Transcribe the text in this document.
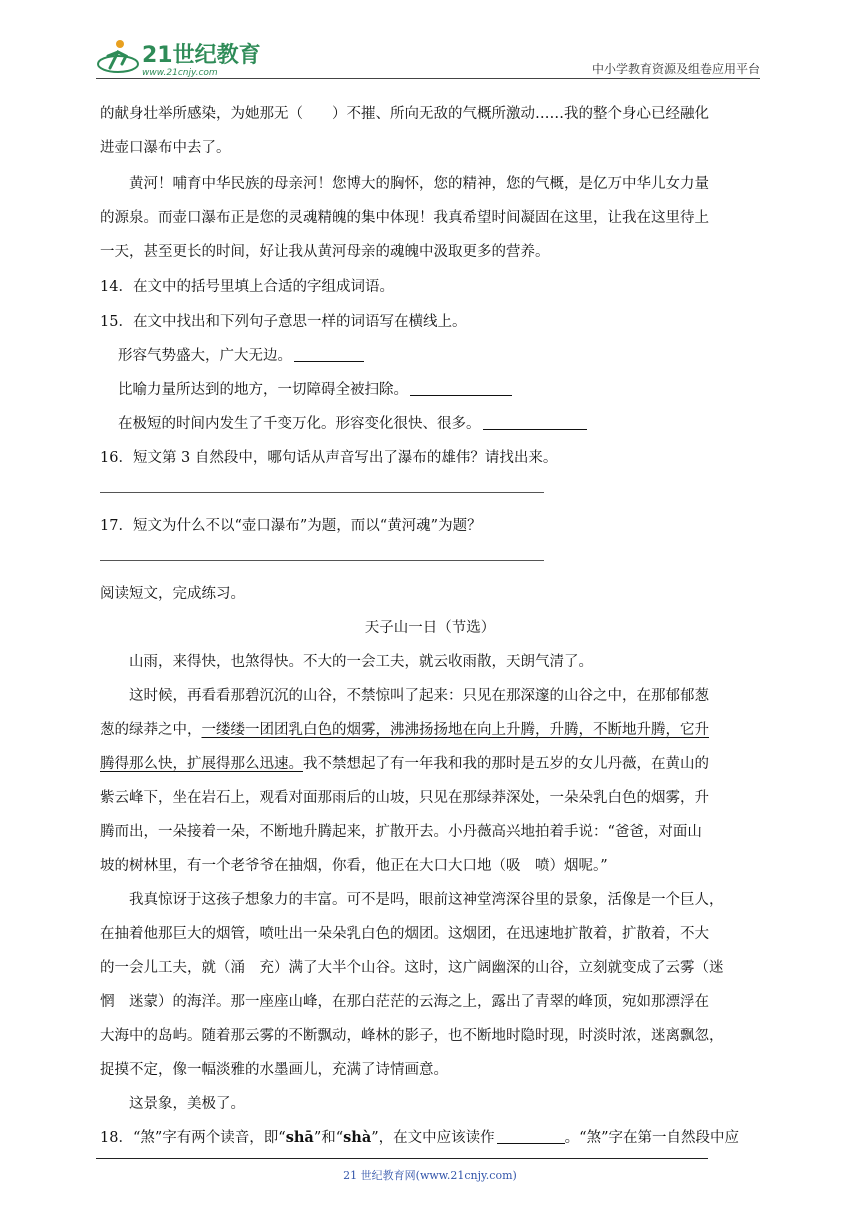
21世纪教育
www.21cnjy.com	中小学教育资源及组卷应用平台
的献身壮举所感染，为她那无（　　）不摧、所向无敌的气概所激动……我的整个身心已经融化
进壶口瀑布中去了。
黄河！哺育中华民族的母亲河！您博大的胸怀，您的精神，您的气概，是亿万中华儿女力量
的源泉。而壶口瀑布正是您的灵魂精魄的集中体现！我真希望时间凝固在这里，让我在这里待上
一天，甚至更长的时间，好让我从黄河母亲的魂魄中汲取更多的营养。
14．在文中的括号里填上合适的字组成词语。
15．在文中找出和下列句子意思一样的词语写在横线上。
形容气势盛大，广大无边。
比喻力量所达到的地方，一切障碍全被扫除。
在极短的时间内发生了千变万化。形容变化很快、很多。
16．短文第 3 自然段中，哪句话从声音写出了瀑布的雄伟？请找出来。
17．短文为什么不以“壶口瀑布”为题，而以“黄河魂”为题？
阅读短文，完成练习。
天子山一日（节选）
山雨，来得快，也煞得快。不大的一会工夫，就云收雨散，天朗气清了。
这时候，再看看那碧沉沉的山谷，不禁惊叫了起来：只见在那深邃的山谷之中，在那郁郁葱
葱的绿莽之中，一缕缕一团团乳白色的烟雾，沸沸扬扬地在向上升腾，升腾，不断地升腾，它升
腾得那么快，扩展得那么迅速。我不禁想起了有一年我和我的那时是五岁的女儿丹薇，在黄山的
紫云峰下，坐在岩石上，观看对面那雨后的山坡，只见在那绿莽深处，一朵朵乳白色的烟雾，升
腾而出，一朵接着一朵，不断地升腾起来，扩散开去。小丹薇高兴地拍着手说：“爸爸，对面山
坡的树林里，有一个老爷爷在抽烟，你看，他正在大口大口地（吸　喷）烟呢。”
我真惊讶于这孩子想象力的丰富。可不是吗，眼前这神堂湾深谷里的景象，活像是一个巨人，
在抽着他那巨大的烟管，喷吐出一朵朵乳白色的烟团。这烟团，在迅速地扩散着，扩散着，不大
的一会儿工夫，就（涌　充）满了大半个山谷。这时，这广阔幽深的山谷，立刻就变成了云雾（迷
惘　迷蒙）的海洋。那一座座山峰，在那白茫茫的云海之上，露出了青翠的峰顶，宛如那漂浮在
大海中的岛屿。随着那云雾的不断飘动，峰林的影子，也不断地时隐时现，时淡时浓，迷离飘忽，
捉摸不定，像一幅淡雅的水墨画儿，充满了诗情画意。
这景象，美极了。
18．“煞”字有两个读音，即“shā”和“shà”，在文中应该读作	。“煞”字在第一自然段中应
21 世纪教育网(www.21cnjy.com)
